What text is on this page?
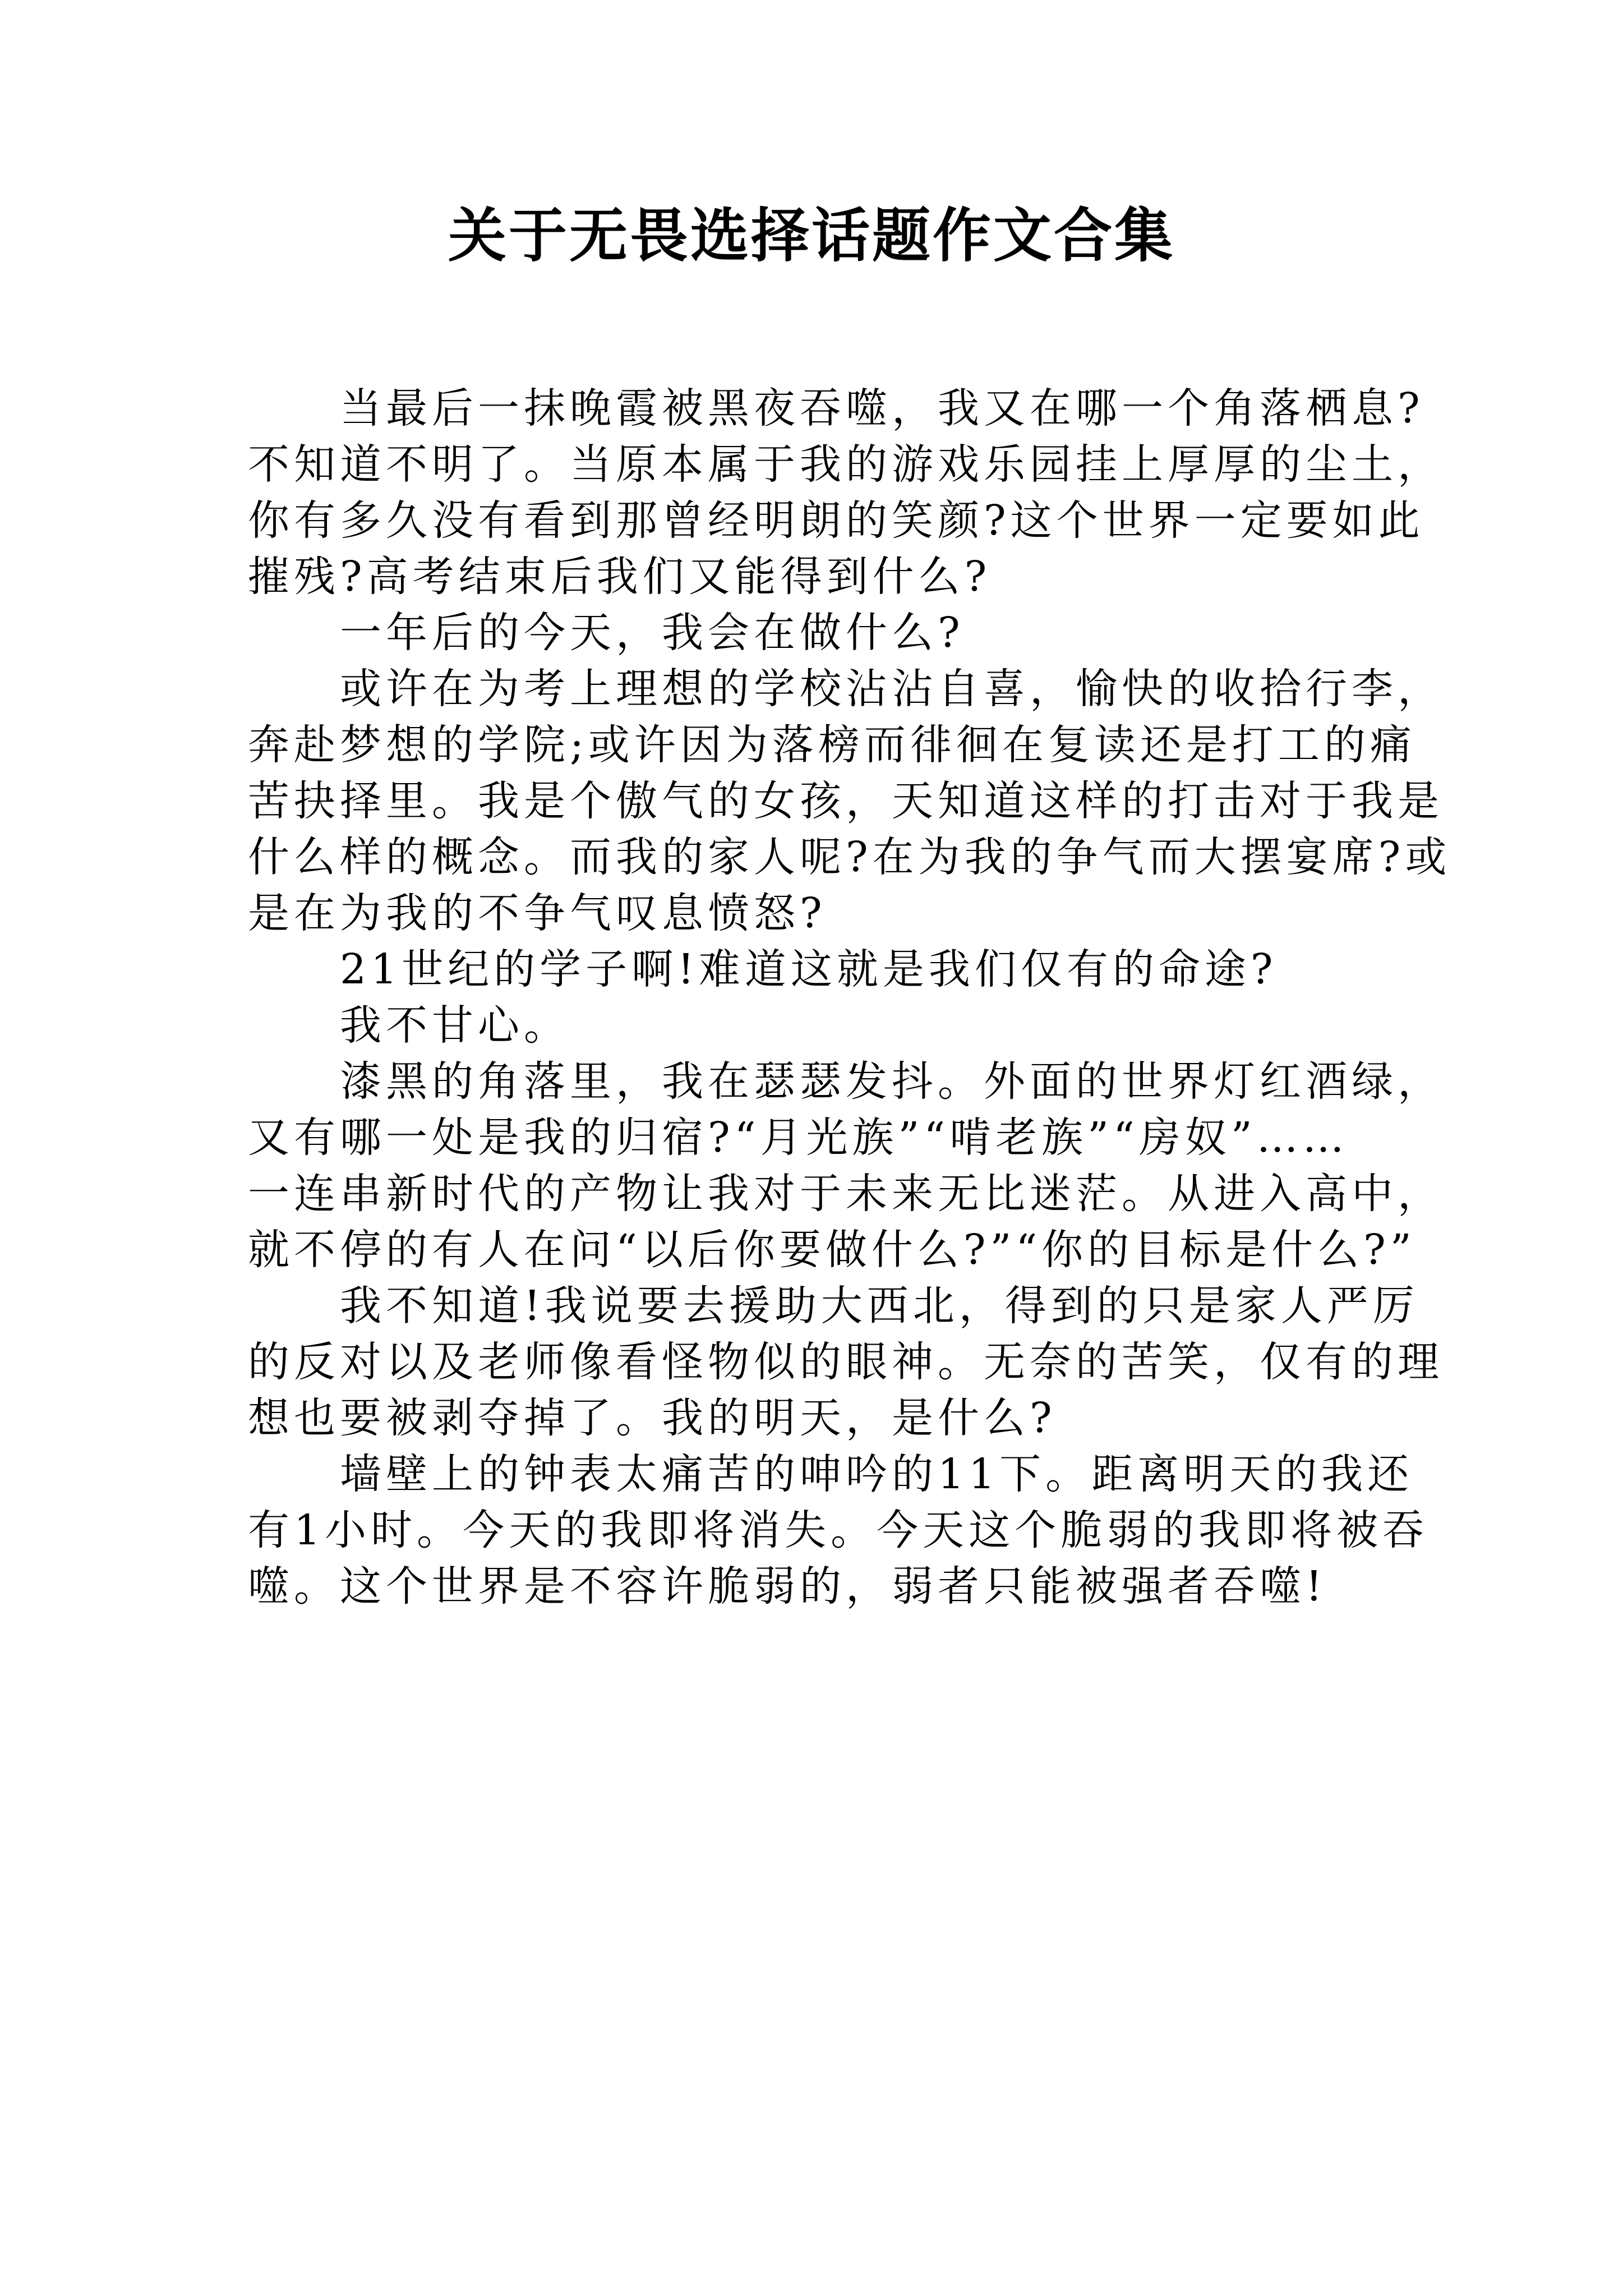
关于无畏选择话题作文合集

　　当最后一抹晚霞被黑夜吞噬，我又在哪一个角落栖息?

不知道不明了。当原本属于我的游戏乐园挂上厚厚的尘土，

你有多久没有看到那曾经明朗的笑颜?这个世界一定要如此

摧残?高考结束后我们又能得到什么?

　　一年后的今天，我会在做什么?

　　或许在为考上理想的学校沾沾自喜，愉快的收拾行李，

奔赴梦想的学院;或许因为落榜而徘徊在复读还是打工的痛

苦抉择里。我是个傲气的女孩，天知道这样的打击对于我是

什么样的概念。而我的家人呢?在为我的争气而大摆宴席?或

是在为我的不争气叹息愤怒?

　　21世纪的学子啊!难道这就是我们仅有的命途?

　　我不甘心。

　　漆黑的角落里，我在瑟瑟发抖。外面的世界灯红酒绿，

又有哪一处是我的归宿?“月光族”“啃老族”“房奴”……

一连串新时代的产物让我对于未来无比迷茫。从进入高中，

就不停的有人在问“以后你要做什么?”“你的目标是什么?”

　　我不知道!我说要去援助大西北，得到的只是家人严厉

的反对以及老师像看怪物似的眼神。无奈的苦笑，仅有的理

想也要被剥夺掉了。我的明天，是什么?

　　墙壁上的钟表太痛苦的呻吟的11下。距离明天的我还

有1小时。今天的我即将消失。今天这个脆弱的我即将被吞

噬。这个世界是不容许脆弱的，弱者只能被强者吞噬!
